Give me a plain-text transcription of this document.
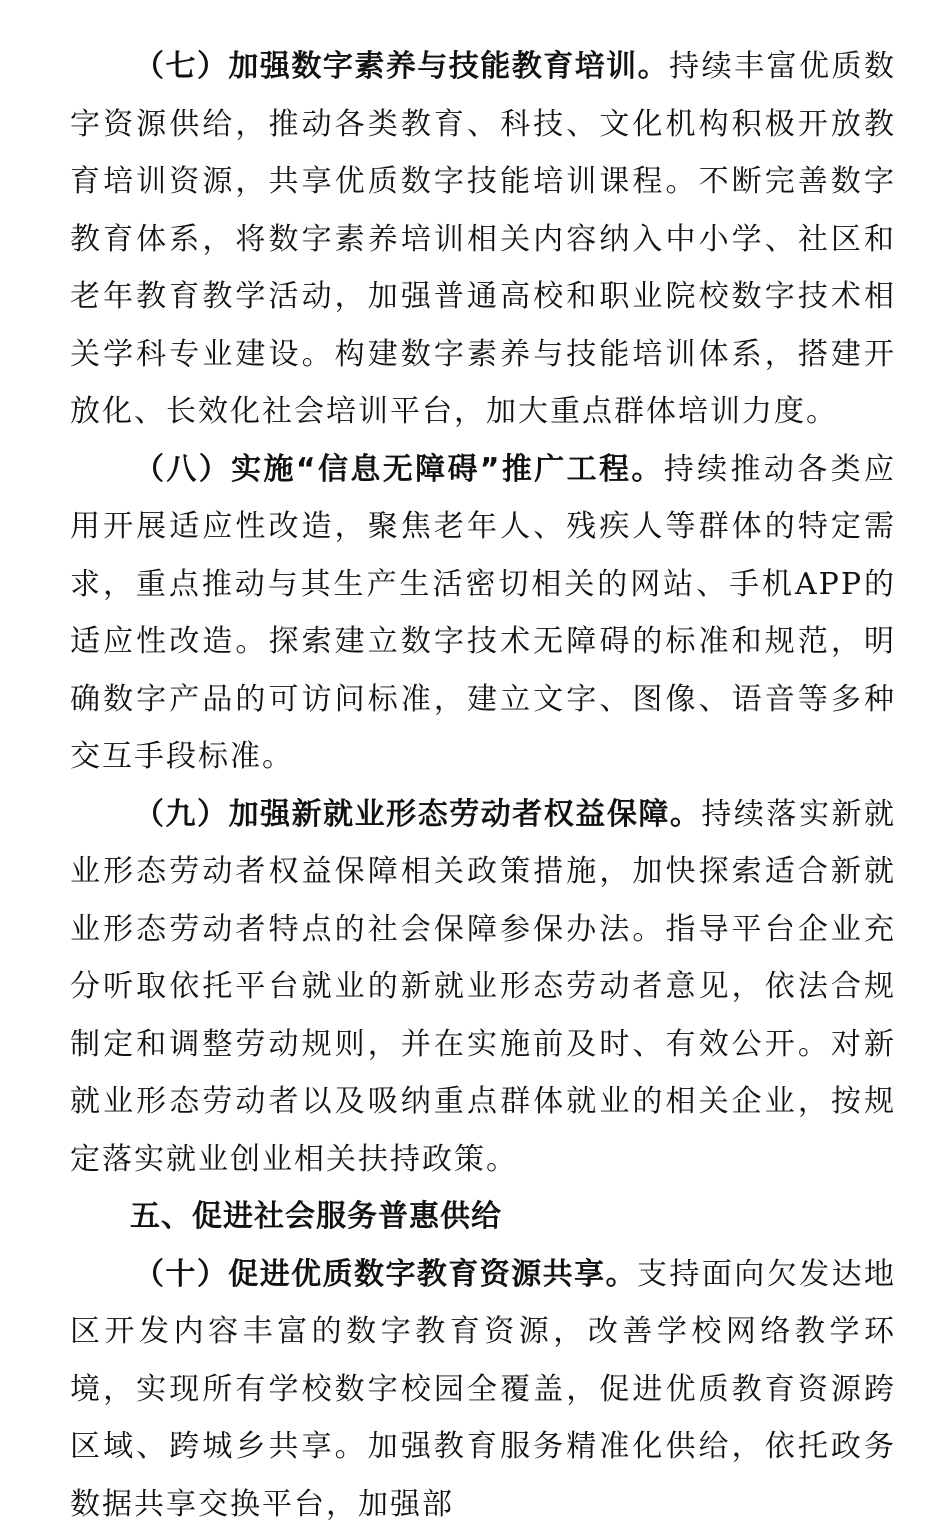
（七）加强数字素养与技能教育培训。持续丰富优质数字资源供给，推动各类教育、科技、文化机构积极开放教育培训资源，共享优质数字技能培训课程。不断完善数字教育体系，将数字素养培训相关内容纳入中小学、社区和老年教育教学活动，加强普通高校和职业院校数字技术相关学科专业建设。构建数字素养与技能培训体系，搭建开放化、长效化社会培训平台，加大重点群体培训力度。

（八）实施“信息无障碍”推广工程。持续推动各类应用开展适应性改造，聚焦老年人、残疾人等群体的特定需求，重点推动与其生产生活密切相关的网站、手机APP的适应性改造。探索建立数字技术无障碍的标准和规范，明确数字产品的可访问标准，建立文字、图像、语音等多种交互手段标准。

（九）加强新就业形态劳动者权益保障。持续落实新就业形态劳动者权益保障相关政策措施，加快探索适合新就业形态劳动者特点的社会保障参保办法。指导平台企业充分听取依托平台就业的新就业形态劳动者意见，依法合规制定和调整劳动规则，并在实施前及时、有效公开。对新就业形态劳动者以及吸纳重点群体就业的相关企业，按规定落实就业创业相关扶持政策。

五、促进社会服务普惠供给

（十）促进优质数字教育资源共享。支持面向欠发达地区开发内容丰富的数字教育资源，改善学校网络教学环境，实现所有学校数字校园全覆盖，促进优质教育资源跨区域、跨城乡共享。加强教育服务精准化供给，依托政务数据共享交换平台，加强部
